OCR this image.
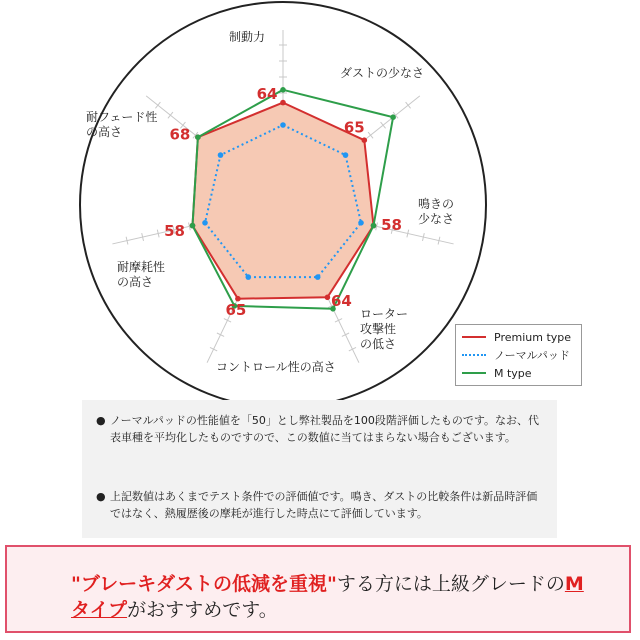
64
65
58
64
65
58
68
制動力
ダストの少なさ
鳴きの
少なさ
ローター
攻撃性
の低さ
コントロール性の高さ
耐摩耗性
の高さ
耐フェード性
の高さ
Premium type
ノーマルパッド
M type
● ノーマルパッドの性能値を「50」とし弊社製品を100段階評価したものです。なお、代表車種を平均化したものですので、この数値に当てはまらない場合もございます。
● 上記数値はあくまでテスト条件での評価値です。鳴き、ダストの比較条件は新品時評価ではなく、熱履歴後の摩耗が進行した時点にて評価しています。
"ブレーキダストの低減を重視"する方には上級グレードのM
タイプがおすすめです。
